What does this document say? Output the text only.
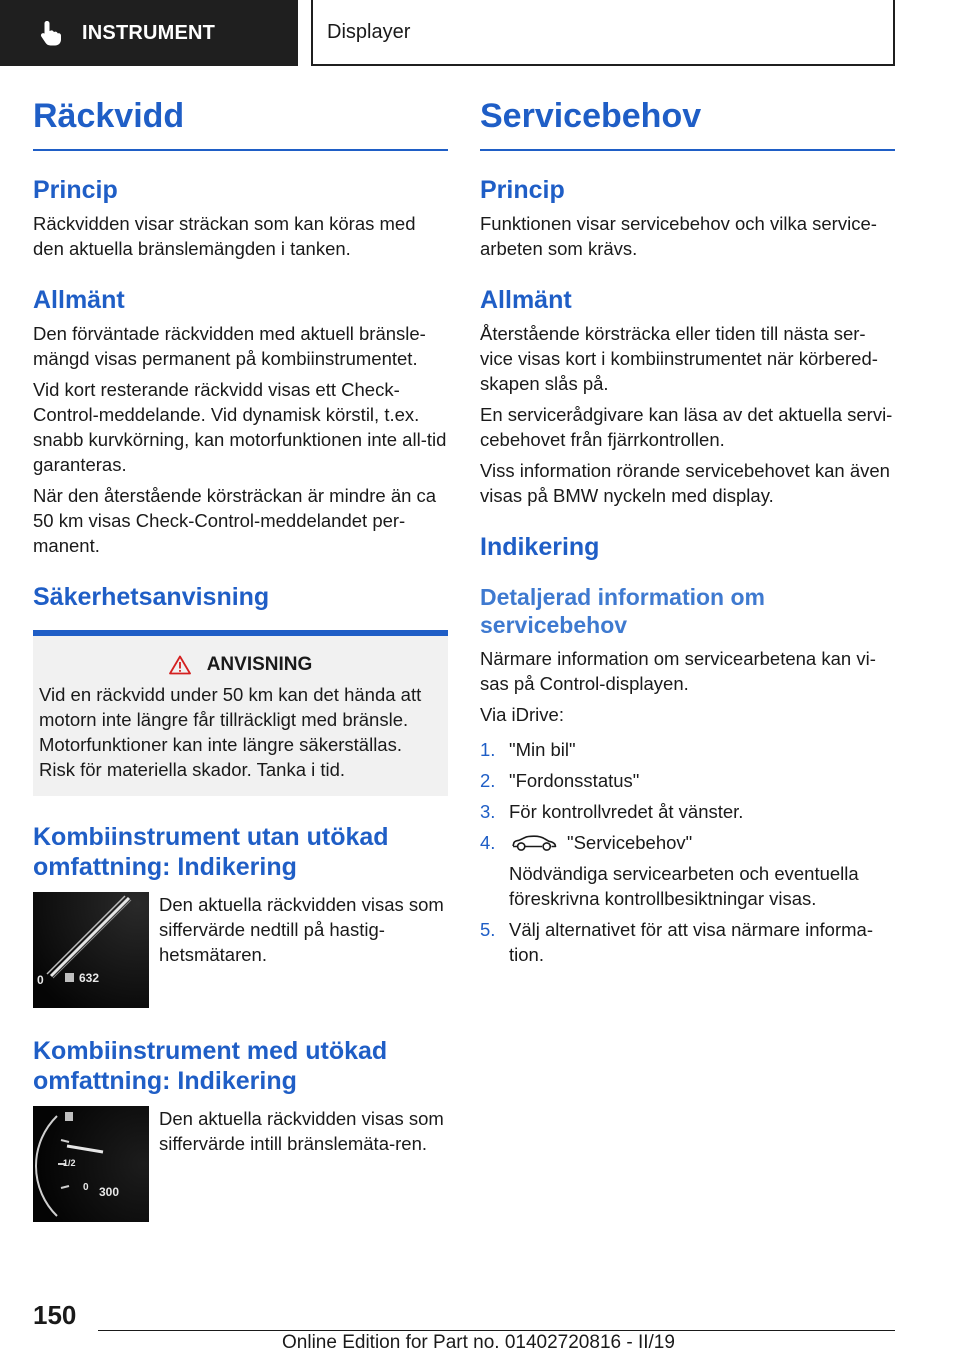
INSTRUMENT	Displayer
Räckvidd
Princip

Räckvidden visar sträckan som kan köras med den aktuella bränslemängden i tanken.

Allmänt

Den förväntade räckvidden med aktuell bränsle-mängd visas permanent på kombiinstrumentet.

Vid kort resterande räckvidd visas ett Check-Control-meddelande. Vid dynamisk körstil, t.ex. snabb kurvkörning, kan motorfunktionen inte all-tid garanteras.

När den återstående körsträckan är mindre än ca 50 km visas Check-Control-meddelandet per-manent.

Säkerhetsanvisning
ANVISNING

Vid en räckvidd under 50 km kan det hända att motorn inte längre får tillräckligt med bränsle. Motorfunktioner kan inte längre säkerställas. Risk för materiella skador. Tanka i tid.

Kombiinstrument utan utökad omfattning: Indikering
0	632

Den aktuella räckvidden visas som siffervärde nedtill på hastig-hetsmätaren.

Kombiinstrument med utökad omfattning: Indikering
1/2
0 300

Den aktuella räckvidden visas som siffervärde intill bränslemäta-ren.

Servicebehov
Princip

Funktionen visar servicebehov och vilka service-arbeten som krävs.

Allmänt

Återstående körsträcka eller tiden till nästa ser-vice visas kort i kombiinstrumentet när körbered-skapen slås på.

En servicerådgivare kan läsa av det aktuella servi-cebehovet från fjärrkontrollen.

Viss information rörande servicebehovet kan även visas på BMW nyckeln med display.

Indikering
Detaljerad information om servicebehov

Närmare information om servicearbetena kan vi-sas på Control-displayen.

Via iDrive:

1. "Min bil"
2. "Fordonsstatus"
3. För kontrollvredet åt vänster.
4.	"Servicebehov"

Nödvändiga servicearbeten och eventuella föreskrivna kontrollbesiktningar visas.

5. Välj alternativet för att visa närmare informa-tion.
150
Online Edition for Part no. 01402720816 - II/19
